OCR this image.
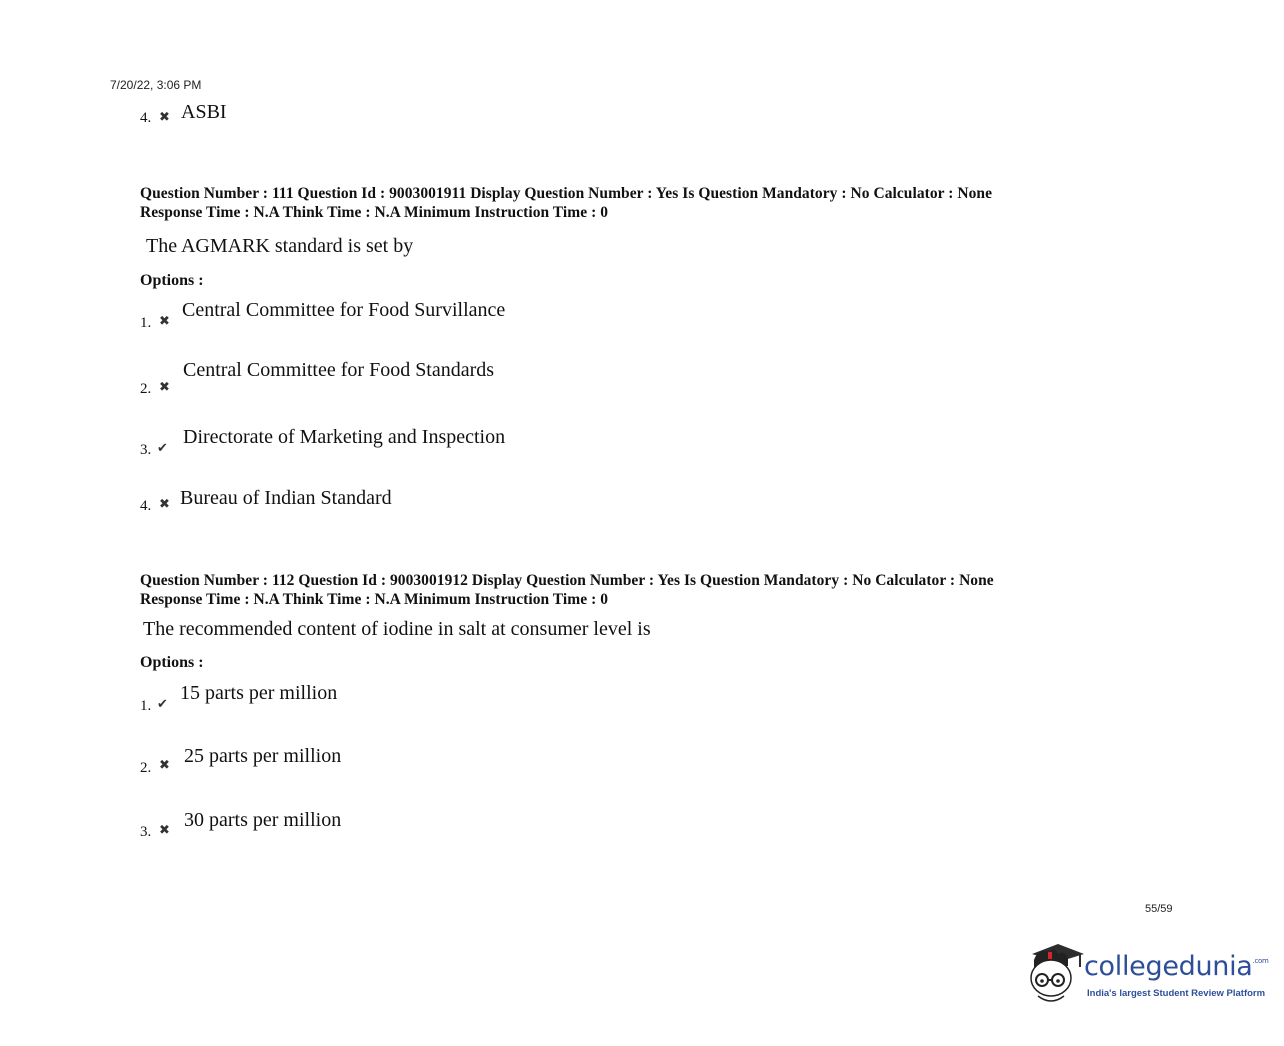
7/20/22, 3:06 PM
4. ✖ ASBI
Question Number : 111 Question Id : 9003001911 Display Question Number : Yes Is Question Mandatory : No Calculator : None
Response Time : N.A Think Time : N.A Minimum Instruction Time : 0
The AGMARK standard is set by
Options :
1. ✖ Central Committee for Food Survillance
2. ✖
Central Committee for Food Standards
3. ✔ Directorate of Marketing and Inspection
4. ✖ Bureau of Indian Standard
Question Number : 112 Question Id : 9003001912 Display Question Number : Yes Is Question Mandatory : No Calculator : None
Response Time : N.A Think Time : N.A Minimum Instruction Time : 0
The recommended content of iodine in salt at consumer level is
Options :
1. ✔ 15 parts per million
2. ✖ 25 parts per million
3. ✖ 30 parts per million
55/59
collegedunia$^{.com}$
India's largest Student Review Platform
